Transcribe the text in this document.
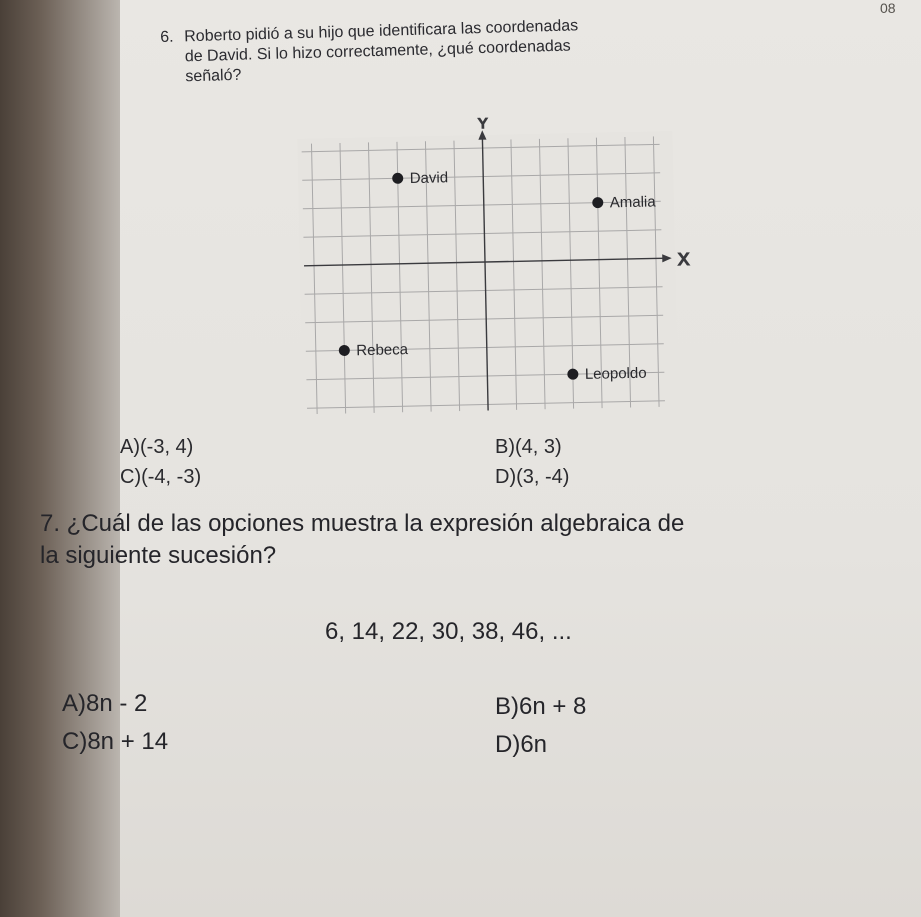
08
6. Roberto pidió a su hijo que identificara las coordenadas
de David. Si lo hizo correctamente, ¿qué coordenadas
señaló?
X
Y
David
Amalia
Rebeca
Leopoldo
A)(-3, 4)	B)(4, 3)
C)(-4, -3)	D)(3, -4)
7. ¿Cuál de las opciones muestra la expresión algebraica de
la siguiente sucesión?
6, 14, 22, 30, 38, 46, ...
A)8n - 2	B)6n + 8
C)8n + 14	D)6n
